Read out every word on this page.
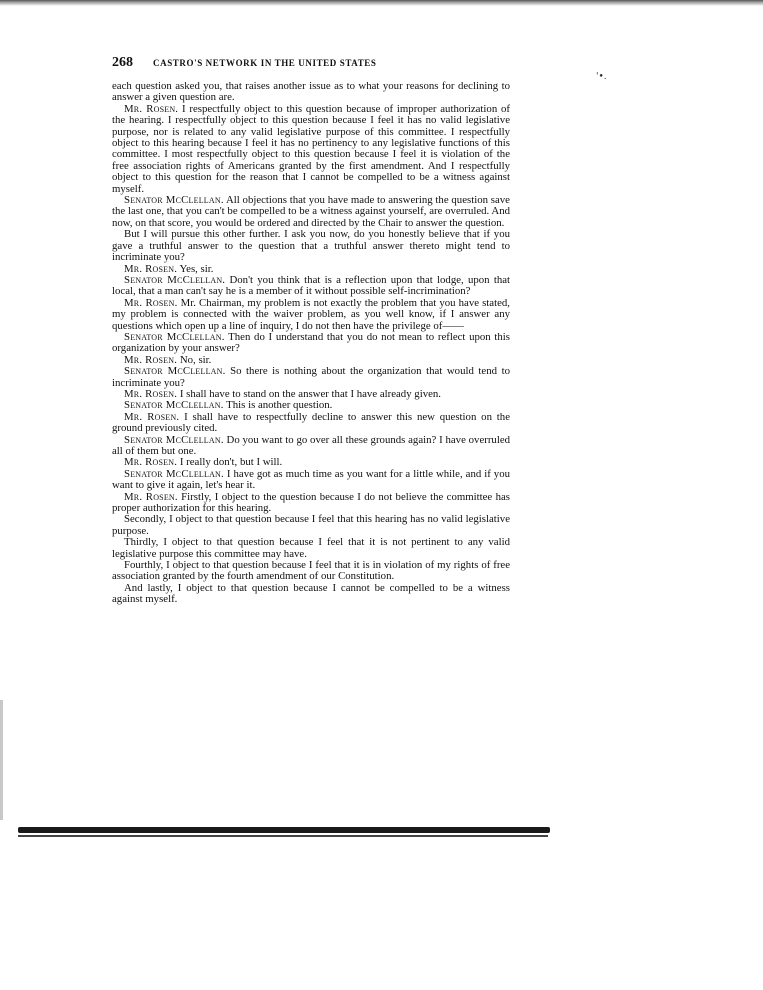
268 CASTRO'S NETWORK IN THE UNITED STATES
'•.

each question asked you, that raises another issue as to what your reasons for declining to answer a given question are.

Mr. Rosen. I respectfully object to this question because of improper authorization of the hearing. I respectfully object to this question because I feel it has no valid legislative purpose, nor is related to any valid legislative purpose of this committee. I respectfully object to this hearing because I feel it has no pertinency to any legislative functions of this committee. I most respectfully object to this question because I feel it is violation of the free association rights of Americans granted by the first amendment. And I respectfully object to this question for the reason that I cannot be compelled to be a witness against myself.

Senator McClellan. All objections that you have made to answering the question save the last one, that you can't be compelled to be a witness against yourself, are overruled. And now, on that score, you would be ordered and directed by the Chair to answer the question.

But I will pursue this other further. I ask you now, do you honestly believe that if you gave a truthful answer to the question that a truthful answer thereto might tend to incriminate you?

Mr. Rosen. Yes, sir.

Senator McClellan. Don't you think that is a reflection upon that lodge, upon that local, that a man can't say he is a member of it without possible self-incrimination?

Mr. Rosen. Mr. Chairman, my problem is not exactly the problem that you have stated, my problem is connected with the waiver problem, as you well know, if I answer any questions which open up a line of inquiry, I do not then have the privilege of——

Senator McClellan. Then do I understand that you do not mean to reflect upon this organization by your answer?

Mr. Rosen. No, sir.

Senator McClellan. So there is nothing about the organization that would tend to incriminate you?

Mr. Rosen. I shall have to stand on the answer that I have already given.

Senator McClellan. This is another question.

Mr. Rosen. I shall have to respectfully decline to answer this new question on the ground previously cited.

Senator McClellan. Do you want to go over all these grounds again? I have overruled all of them but one.

Mr. Rosen. I really don't, but I will.

Senator McClellan. I have got as much time as you want for a little while, and if you want to give it again, let's hear it.

Mr. Rosen. Firstly, I object to the question because I do not believe the committee has proper authorization for this hearing.

Secondly, I object to that question because I feel that this hearing has no valid legislative purpose.

Thirdly, I object to that question because I feel that it is not pertinent to any valid legislative purpose this committee may have.

Fourthly, I object to that question because I feel that it is in violation of my rights of free association granted by the fourth amendment of our Constitution.

And lastly, I object to that question because I cannot be compelled to be a witness against myself.
